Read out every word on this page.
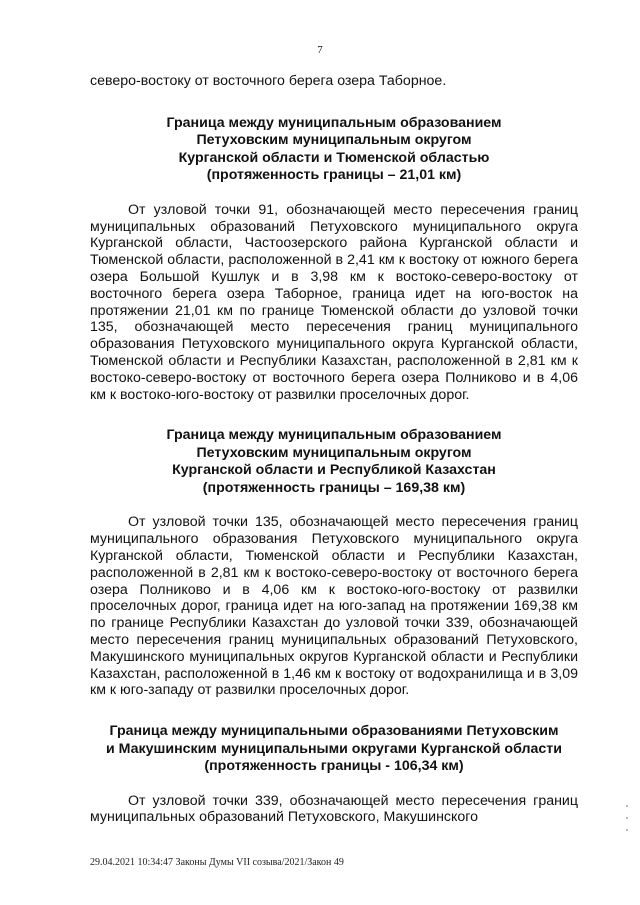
7

северо-востоку от восточного берега озера Таборное.

Граница между муниципальным образованием
Петуховским муниципальным округом
Курганской области и Тюменской областью
(протяженность границы – 21,01 км)

От узловой точки 91, обозначающей место пересечения границ муниципальных образований Петуховского муниципального округа Курганской области, Частоозерского района Курганской области и Тюменской области, расположенной в 2,41 км к востоку от южного берега озера Большой Кушлук и в 3,98 км к востоко-северо-востоку от восточного берега озера Таборное, граница идет на юго-восток на протяжении 21,01 км по границе Тюменской области до узловой точки 135, обозначающей место пересечения границ муниципального образования Петуховского муниципального округа Курганской области, Тюменской области и Республики Казахстан, расположенной в 2,81 км к востоко-северо-востоку от восточного берега озера Полниково и в 4,06 км к востоко-юго-востоку от развилки проселочных дорог.

Граница между муниципальным образованием
Петуховским муниципальным округом
Курганской области и Республикой Казахстан
(протяженность границы – 169,38 км)

От узловой точки 135, обозначающей место пересечения границ муниципального образования Петуховского муниципального округа Курганской области, Тюменской области и Республики Казахстан, расположенной в 2,81 км к востоко-северо-востоку от восточного берега озера Полниково и в 4,06 км к востоко-юго-востоку от развилки проселочных дорог, граница идет на юго-запад на протяжении 169,38 км по границе Республики Казахстан до узловой точки 339, обозначающей место пересечения границ муниципальных образований Петуховского, Макушинского муниципальных округов Курганской области и Республики Казахстан, расположенной в 1,46 км к востоку от водохранилища и в 3,09 км к юго-западу от развилки проселочных дорог.

Граница между муниципальными образованиями Петуховским
и Макушинским муниципальными округами Курганской области
(протяженность границы - 106,34 км)

От узловой точки 339, обозначающей место пересечения границ муниципальных образований Петуховского, Макушинского

29.04.2021 10:34:47 Законы Думы VII созыва/2021/Закон 49
